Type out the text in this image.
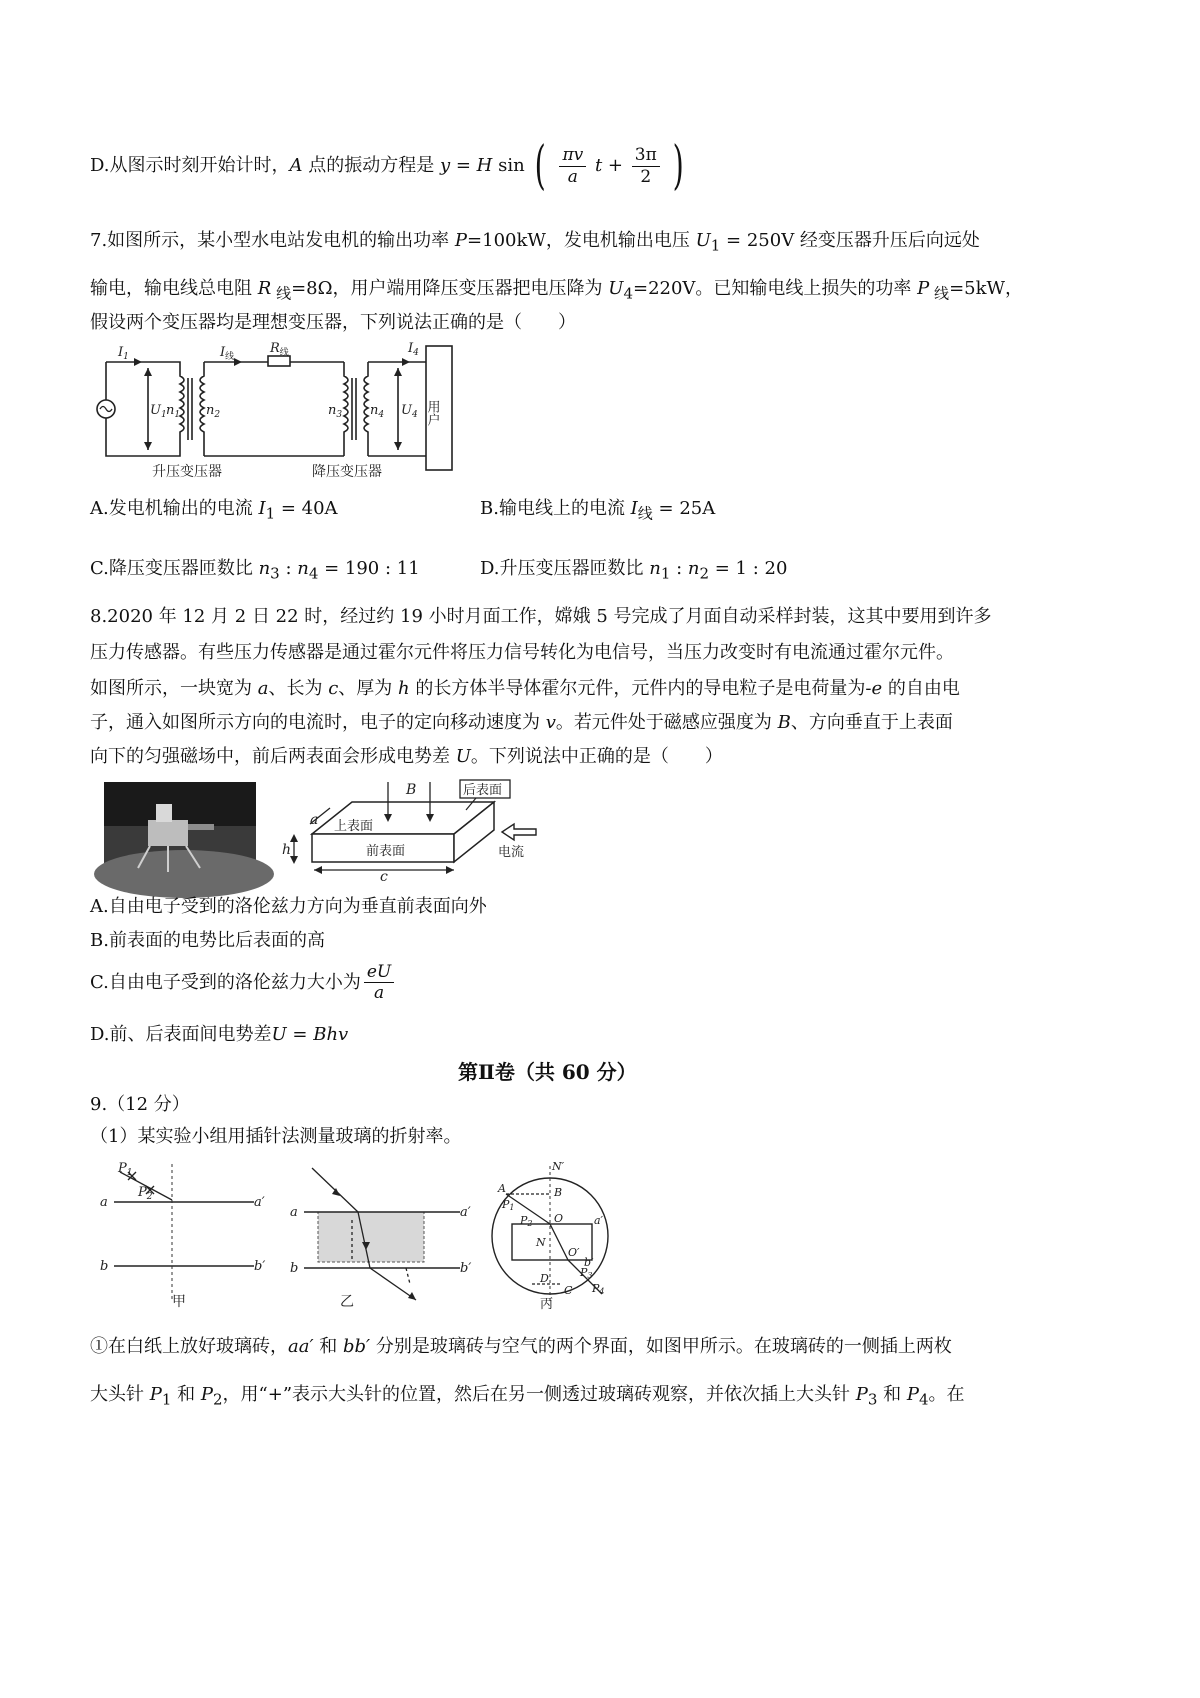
D.从图示时刻开始计时，A 点的振动方程是 y = H sin ( $\frac{\pi v}{a}$ $t + \frac{3\pi}{2}$ )
7.如图所示，某小型水电站发电机的输出功率 P=100kW，发电机输出电压 $U_1 = 250V$ 经变压器升压后向远处
输电，输电线总电阻 R $_线$=8Ω，用户端用降压变压器把电压降为 $U_4=220V$。已知输电线上损失的功率 P $_线$=5kW，
假设两个变压器均是理想变压器，下列说法正确的是（　　）
$I_1$	$I_线$
$R_线$	$I_4$
$U_1$ $n_1$ $n_2$	$n_3$ $n_4$ $U_4$ 用户
升压变压器	降压变压器
A.发电机输出的电流 $I_1 = 40A$	B.输电线上的电流 $I_线 = 25A$
C.降压变压器匝数比 $n_3$ : $n_4 = 190$ : 11	D.升压变压器匝数比 $n_1$ : $n_2 = 1$ : 20
8.2020 年 12 月 2 日 22 时，经过约 19 小时月面工作，嫦娥 5 号完成了月面自动采样封装，这其中要用到许多
压力传感器。有些压力传感器是通过霍尔元件将压力信号转化为电信号，当压力改变时有电流通过霍尔元件。
如图所示，一块宽为 a、长为 c、厚为 h 的长方体半导体霍尔元件，元件内的导电粒子是电荷量为-e 的自由电
子，通入如图所示方向的电流时，电子的定向移动速度为 v。若元件处于磁感应强度为 B、方向垂直于上表面
向下的匀强磁场中，前后两表面会形成电势差 U。下列说法中正确的是（　　）
后表面
上表面
前表面	电流
B
a
h
c
A.自由电子受到的洛伦兹力方向为垂直前表面向外
B.前表面的电势比后表面的高
C.自由电子受到的洛伦兹力大小为 $\frac{eU}{a}$
D.前、后表面间电势差U = Bhv
第Ⅱ卷（共 60 分）
9.（12 分）
（1）某实验小组用插针法测量玻璃的折射率。
a	a′
b	b′
$P_1$
$P_2$
甲
a	a′
b	b′
乙
N′
A	B
P1
P2 O	a′
N
O′
b′
P3
P4
D
C
丙
①在白纸上放好玻璃砖，aa′ 和 bb′ 分别是玻璃砖与空气的两个界面，如图甲所示。在玻璃砖的一侧插上两枚
大头针 $P_1$ 和 $P_2$，用“+”表示大头针的位置，然后在另一侧透过玻璃砖观察，并依次插上大头针 $P_3$ 和 $P_4$。在
